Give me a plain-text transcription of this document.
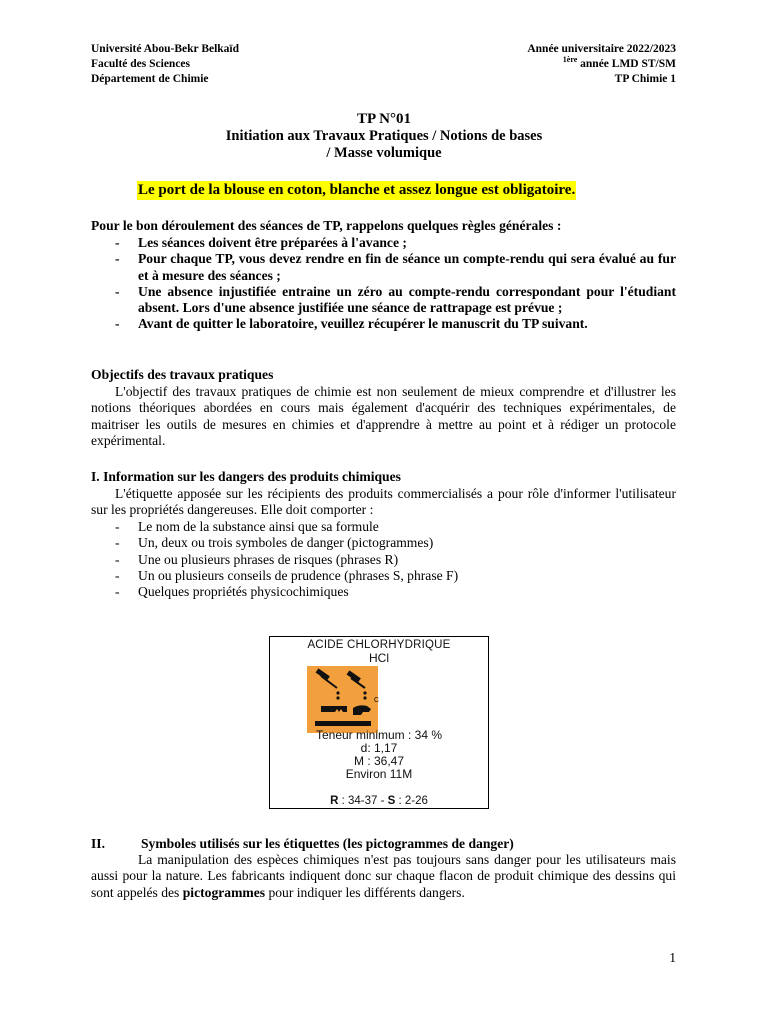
Université Abou-Bekr Belkaïd
Faculté des Sciences
Département de Chimie
Année universitaire 2022/2023
$^{1ère}$ année LMD ST/SM
TP Chimie 1
TP N°01
Initiation aux Travaux Pratiques / Notions de bases
/ Masse volumique
Le port de la blouse en coton, blanche et assez longue est obligatoire.
Pour le bon déroulement des séances de TP, rappelons quelques règles générales :
- Les séances doivent être préparées à l'avance ;
- Pour chaque TP, vous devez rendre en fin de séance un compte-rendu qui sera évalué au fur et à mesure des séances ;
- Une absence injustifiée entraine un zéro au compte-rendu correspondant pour l'étudiant absent. Lors d'une absence justifiée une séance de rattrapage est prévue ;
- Avant de quitter le laboratoire, veuillez récupérer le manuscrit du TP suivant.
Objectifs des travaux pratiques
L'objectif des travaux pratiques de chimie est non seulement de mieux comprendre et d'illustrer les notions théoriques abordées en cours mais également d'acquérir des techniques expérimentales, de maitriser les outils de mesures en chimies et d'apprendre à mettre au point et à rédiger un protocole expérimental.
I. Information sur les dangers des produits chimiques
L'étiquette apposée sur les récipients des produits commercialisés a pour rôle d'informer l'utilisateur sur les propriétés dangereuses. Elle doit comporter :
- Le nom de la substance ainsi que sa formule
- Un, deux ou trois symboles de danger (pictogrammes)
- Une ou plusieurs phrases de risques (phrases R)
- Un ou plusieurs conseils de prudence (phrases S, phrase F)
- Quelques propriétés physicochimiques
ACIDE CHLORHYDRIQUE
HCl
C
Teneur minimum : 34 %
d: 1,17
M : 36,47
Environ 11M
R : 34-37 - S : 2-26
II.	Symboles utilisés sur les étiquettes (les pictogrammes de danger)
La manipulation des espèces chimiques n'est pas toujours sans danger pour les utilisateurs mais aussi pour la nature. Les fabricants indiquent donc sur chaque flacon de produit chimique des dessins qui sont appelés des pictogrammes pour indiquer les différents dangers.
1
